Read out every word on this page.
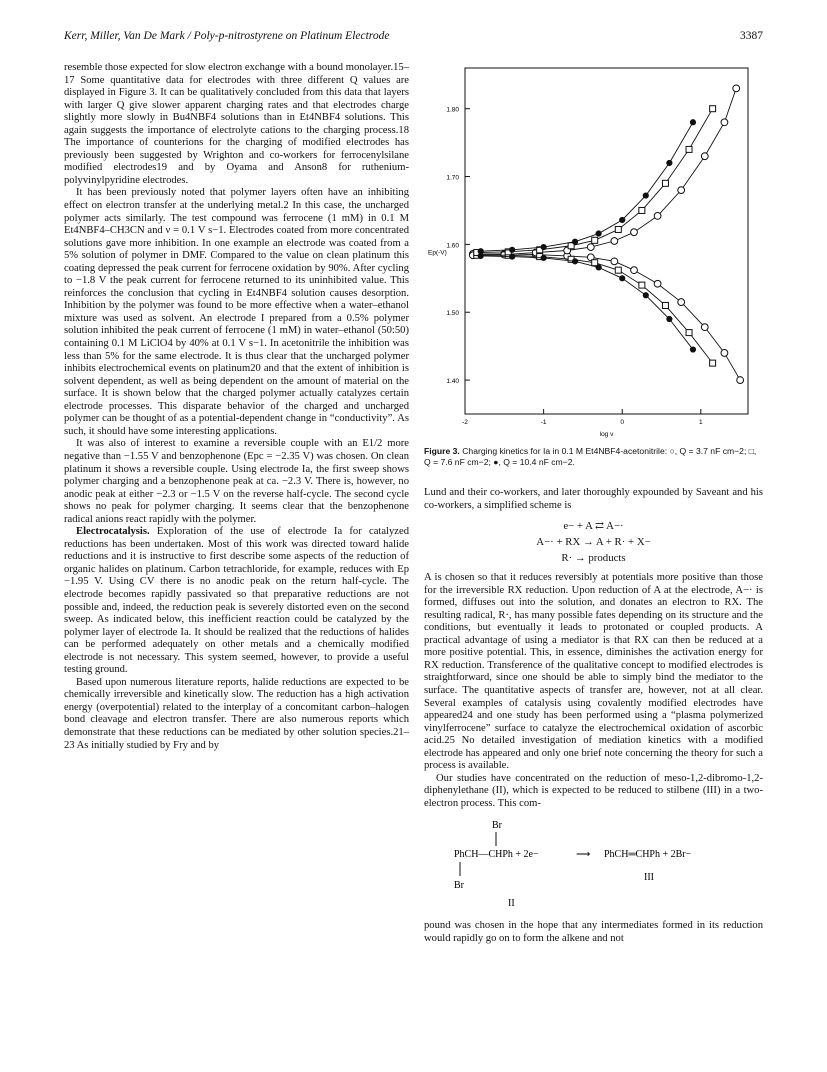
Kerr, Miller, Van De Mark / Poly-p-nitrostyrene on Platinum Electrode	3387

resemble those expected for slow electron exchange with a bound monolayer.15–17 Some quantitative data for electrodes with three different Q values are displayed in Figure 3. It can be qualitatively concluded from this data that layers with larger Q give slower apparent charging rates and that electrodes charge slightly more slowly in Bu4NBF4 solutions than in Et4NBF4 solutions. This again suggests the importance of electrolyte cations to the charging process.18 The importance of counterions for the charging of modified electrodes has previously been suggested by Wrighton and co-workers for ferrocenylsilane modified electrodes19 and by Oyama and Anson8 for ruthenium-polyvinylpyridine electrodes.

It has been previously noted that polymer layers often have an inhibiting effect on electron transfer at the underlying metal.2 In this case, the uncharged polymer acts similarly. The test compound was ferrocene (1 mM) in 0.1 M Et4NBF4–CH3CN and ν = 0.1 V s−1. Electrodes coated from more concentrated solutions gave more inhibition. In one example an electrode was coated from a 5% solution of polymer in DMF. Compared to the value on clean platinum this coating depressed the peak current for ferrocene oxidation by 90%. After cycling to −1.8 V the peak current for ferrocene returned to its uninhibited value. This reinforces the conclusion that cycling in Et4NBF4 solution causes desorption. Inhibition by the polymer was found to be more effective when a water–ethanol mixture was used as solvent. An electrode I prepared from a 0.5% polymer solution inhibited the peak current of ferrocene (1 mM) in water–ethanol (50:50) containing 0.1 M LiClO4 by 40% at 0.1 V s−1. In acetonitrile the inhibition was less than 5% for the same electrode. It is thus clear that the uncharged polymer inhibits electrochemical events on platinum20 and that the extent of inhibition is solvent dependent, as well as being dependent on the amount of material on the surface. It is shown below that the charged polymer actually catalyzes certain electrode processes. This disparate behavior of the charged and uncharged polymer can be thought of as a potential-dependent change in “conductivity”. As such, it should have some interesting applications.

It was also of interest to examine a reversible couple with an E1/2 more negative than −1.55 V and benzophenone (Epc = −2.35 V) was chosen. On clean platinum it shows a reversible couple. Using electrode Ia, the first sweep shows polymer charging and a benzophenone peak at ca. −2.3 V. There is, however, no anodic peak at either −2.3 or −1.5 V on the reverse half-cycle. The second cycle shows no peak for polymer charging. It seems clear that the benzophenone radical anions react rapidly with the polymer.

Electrocatalysis. Exploration of the use of electrode Ia for catalyzed reductions has been undertaken. Most of this work was directed toward halide reductions and it is instructive to first describe some aspects of the reduction of organic halides on platinum. Carbon tetrachloride, for example, reduces with Ep −1.95 V. Using CV there is no anodic peak on the return half-cycle. The electrode becomes rapidly passivated so that preparative reductions are not possible and, indeed, the reduction peak is severely distorted even on the second sweep. As indicated below, this inefficient reaction could be catalyzed by the polymer layer of electrode Ia. It should be realized that the reductions of halides can be performed adequately on other metals and a chemically modified electrode is not necessary. This system seemed, however, to provide a useful testing ground.

Based upon numerous literature reports, halide reductions are expected to be chemically irreversible and kinetically slow. The reduction has a high activation energy (overpotential) related to the interplay of a concomitant carbon–halogen bond cleavage and electron transfer. There are also numerous reports which demonstrate that these reductions can be mediated by other solution species.21–23 As initially studied by Fry and by

1.80
1.70
1.60
1.50
1.40
-2	-1	0	1
log ν
Ep(-V)
Figure 3. Charging kinetics for Ia in 0.1 M Et4NBF4-acetonitrile: ○, Q = 3.7 nF cm−2; □, Q = 7.6 nF cm−2; ●, Q = 10.4 nF cm−2.

Lund and their co-workers, and later thoroughly expounded by Saveant and his co-workers, a simplified scheme is

e− + A ⇄ A−·
A−· + RX → A + R· + X−
R· → products

A is chosen so that it reduces reversibly at potentials more positive than those for the irreversible RX reduction. Upon reduction of A at the electrode, A−· is formed, diffuses out into the solution, and donates an electron to RX. The resulting radical, R·, has many possible fates depending on its structure and the conditions, but eventually it leads to protonated or coupled products. A practical advantage of using a mediator is that RX can then be reduced at a more positive potential. This, in essence, diminishes the activation energy for RX reduction. Transference of the qualitative concept to modified electrodes is straightforward, since one should be able to simply bind the mediator to the surface. The quantitative aspects of transfer are, however, not at all clear. Several examples of catalysis using covalently modified electrodes have appeared24 and one study has been performed using a “plasma polymerized vinylferrocene” surface to catalyze the electrochemical oxidation of ascorbic acid.25 No detailed investigation of mediation kinetics with a modified electrode has appeared and only one brief note concerning the theory for such a process is available.

Our studies have concentrated on the reduction of meso-1,2-dibromo-1,2-diphenylethane (II), which is expected to be reduced to stilbene (III) in a two-electron process. This com-

Br
PhCH—CHPh + 2e−	⟶ PhCH═CHPh + 2Br−
Br
III
II

pound was chosen in the hope that any intermediates formed in its reduction would rapidly go on to form the alkene and not
